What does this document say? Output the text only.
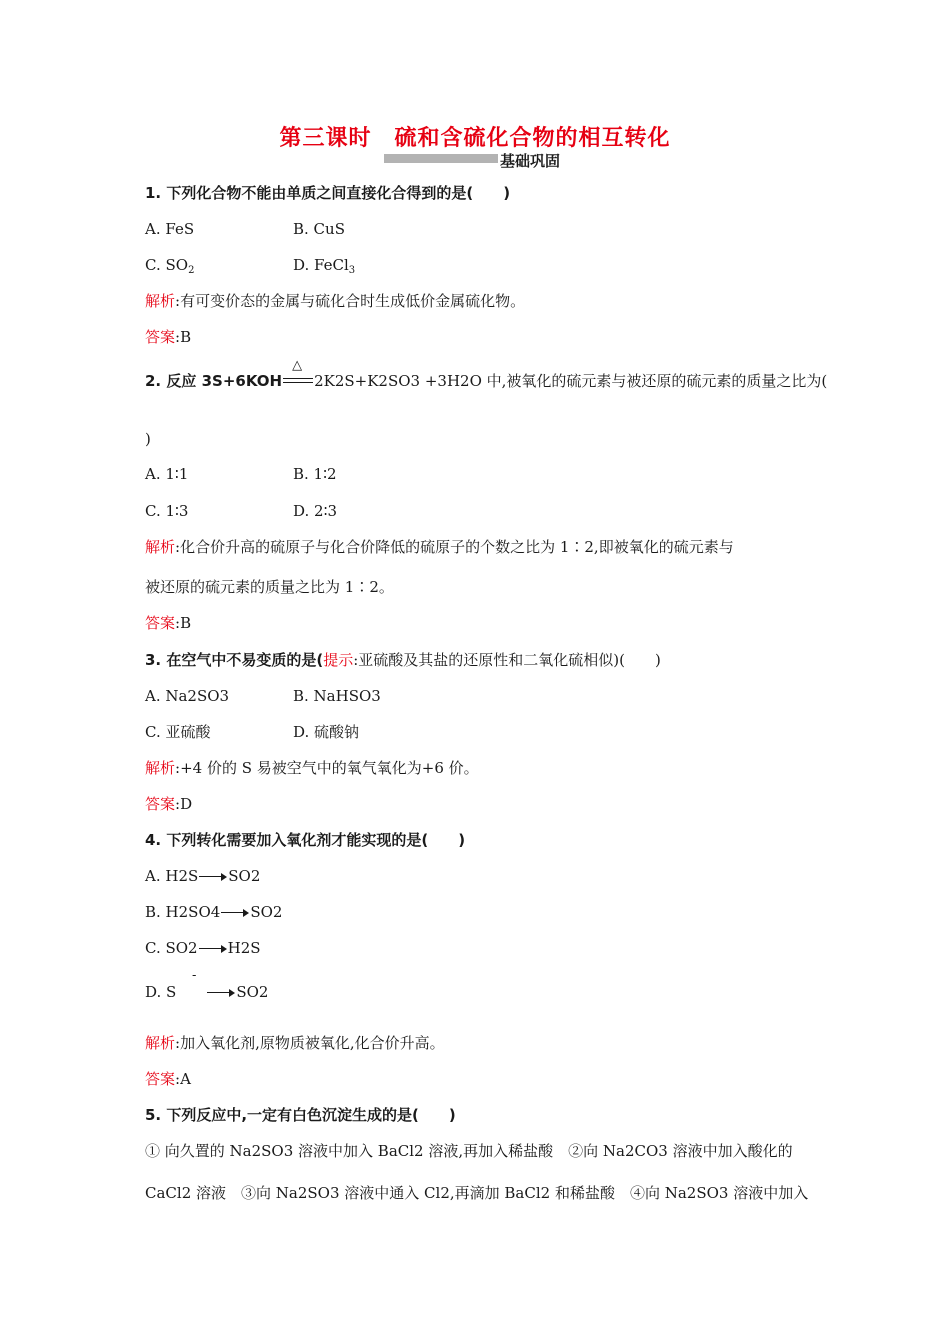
第三课时　硫和含硫化合物的相互转化
基础巩固
1. 下列化合物不能由单质之间直接化合得到的是(　　)
A. FeS	B. CuS
C. $SO_2$	D. FeCl$_3$
解析:有可变价态的金属与硫化合时生成低价金属硫化物。
答案:B
2. 反应 3S+6KOH
△
2K2S+K2SO3 +3H2O 中,被氧化的硫元素与被还原的硫元素的质量之比为(
)
A. 1∶1	B. 1∶2
C. 1∶3	D. 2∶3
解析:化合价升高的硫原子与化合价降低的硫原子的个数之比为 1∶2,即被氧化的硫元素与
被还原的硫元素的质量之比为 1∶2。
答案:B
3. 在空气中不易变质的是(提示:亚硫酸及其盐的还原性和二氧化硫相似)(　　)
A. Na2SO3	B. NaHSO3
C. 亚硫酸	D. 硫酸钠
解析:+4 价的 S 易被空气中的氧气氧化为+6 价。
答案:D
4. 下列转化需要加入氧化剂才能实现的是(　　)
A. H2S SO2
B. H2SO4 SO2
C. SO2 H2S
-
D. S	SO2
解析:加入氧化剂,原物质被氧化,化合价升高。
答案:A
5. 下列反应中,一定有白色沉淀生成的是(　　)
① 向久置的 Na2SO3 溶液中加入 BaCl2 溶液,再加入稀盐酸　②向 Na2CO3 溶液中加入酸化的
CaCl2 溶液　③向 Na2SO3 溶液中通入 Cl2,再滴加 BaCl2 和稀盐酸　④向 Na2SO3 溶液中加入
